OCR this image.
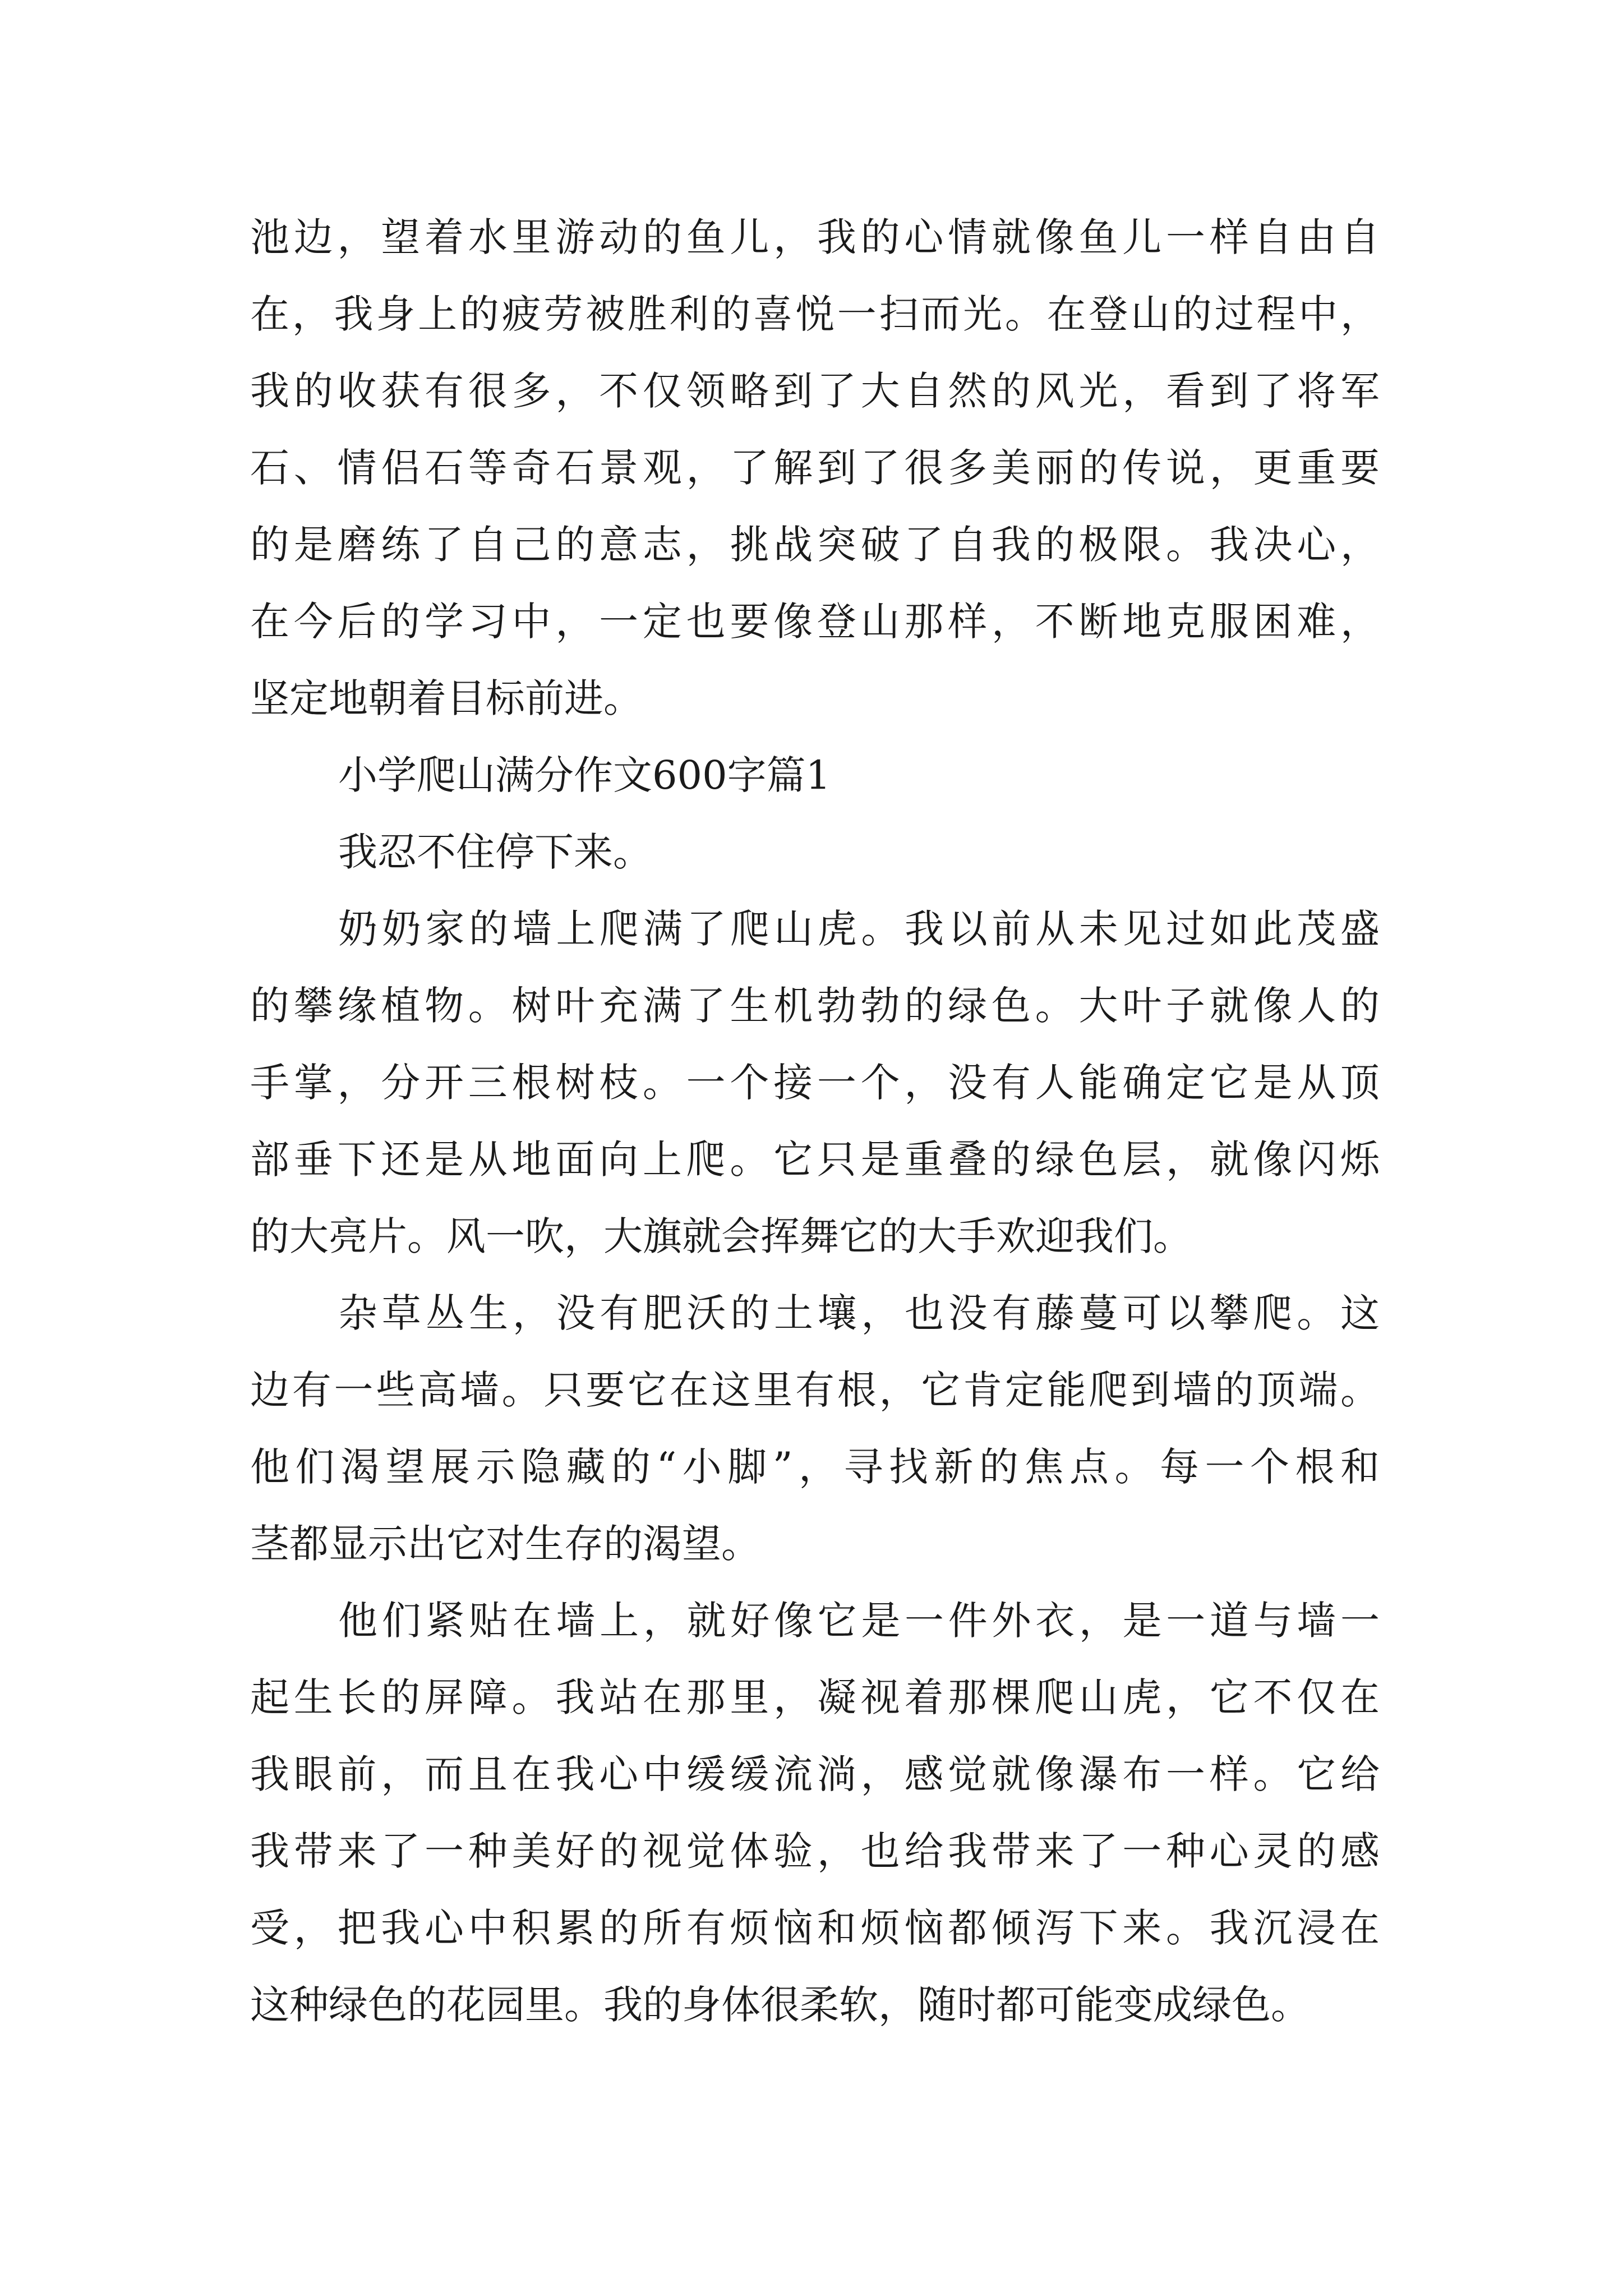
池边，望着水里游动的鱼儿，我的心情就像鱼儿一样自由自
在，我身上的疲劳被胜利的喜悦一扫而光。在登山的过程中，
我的收获有很多，不仅领略到了大自然的风光，看到了将军
石、情侣石等奇石景观，了解到了很多美丽的传说，更重要
的是磨练了自己的意志，挑战突破了自我的极限。我决心，
在今后的学习中，一定也要像登山那样，不断地克服困难，
坚定地朝着目标前进。
小学爬山满分作文600字篇1
我忍不住停下来。
奶奶家的墙上爬满了爬山虎。我以前从未见过如此茂盛
的攀缘植物。树叶充满了生机勃勃的绿色。大叶子就像人的
手掌，分开三根树枝。一个接一个，没有人能确定它是从顶
部垂下还是从地面向上爬。它只是重叠的绿色层，就像闪烁
的大亮片。风一吹，大旗就会挥舞它的大手欢迎我们。
杂草丛生，没有肥沃的土壤，也没有藤蔓可以攀爬。这
边有一些高墙。只要它在这里有根，它肯定能爬到墙的顶端。
他们渴望展示隐藏的“小脚”，寻找新的焦点。每一个根和
茎都显示出它对生存的渴望。
他们紧贴在墙上，就好像它是一件外衣，是一道与墙一
起生长的屏障。我站在那里，凝视着那棵爬山虎，它不仅在
我眼前，而且在我心中缓缓流淌，感觉就像瀑布一样。它给
我带来了一种美好的视觉体验，也给我带来了一种心灵的感
受，把我心中积累的所有烦恼和烦恼都倾泻下来。我沉浸在
这种绿色的花园里。我的身体很柔软，随时都可能变成绿色。
